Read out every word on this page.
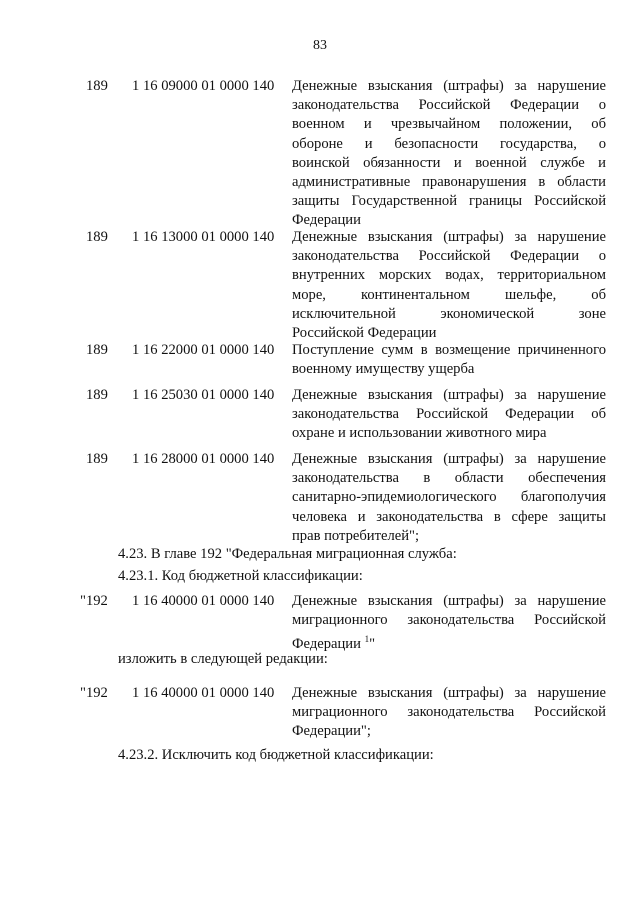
83
189	1 16 09000 01 0000 140	Денежные взыскания (штрафы) за нарушение
законодательства Российской Федерации о
военном и чрезвычайном положении, об
обороне и безопасности государства, о
воинской обязанности и военной службе и
административные правонарушения в области
защиты Государственной границы Российской
Федерации
189	1 16 13000 01 0000 140	Денежные взыскания (штрафы) за нарушение
законодательства Российской Федерации о
внутренних морских водах, территориальном
море, континентальном шельфе, об
исключительной экономической зоне
Российской Федерации
189	1 16 22000 01 0000 140	Поступление сумм в возмещение причиненного
военному имуществу ущерба
189	1 16 25030 01 0000 140	Денежные взыскания (штрафы) за нарушение
законодательства Российской Федерации об
охране и использовании животного мира
189	1 16 28000 01 0000 140	Денежные взыскания (штрафы) за нарушение
законодательства в области обеспечения
санитарно-эпидемиологического благополучия
человека и законодательства в сфере защиты
прав потребителей";
4.23. В главе 192 "Федеральная миграционная служба:
4.23.1. Код бюджетной классификации:
"192	1 16 40000 01 0000 140	Денежные взыскания (штрафы) за нарушение
миграционного законодательства Российской
Федерации $^1$"
изложить в следующей редакции:
"192	1 16 40000 01 0000 140	Денежные взыскания (штрафы) за нарушение
миграционного законодательства Российской
Федерации";
4.23.2. Исключить код бюджетной классификации:
